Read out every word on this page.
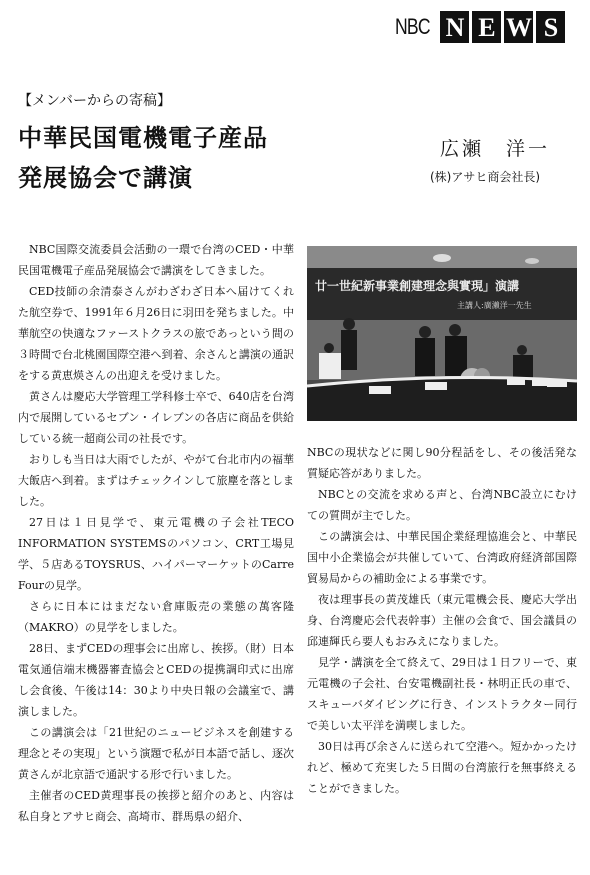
NBC N E W S
【メンバーからの寄稿】
中華民国電機電子産品
発展協会で講演
広瀬　洋一
(株)アサヒ商会社長)

NBC国際交流委員会活動の一環で台湾のCED・中華民国電機電子産品発展協会で講演をしてきました。

CED技師の余清泰さんがわざわざ日本へ届けてくれた航空券で、1991年６月26日に羽田を発ちました。中華航空の快適なファーストクラスの旅であっという間の３時間で台北桃園国際空港へ到着、余さんと講演の通訳をする黄恵煐さんの出迎えを受けました。

黄さんは慶応大学管理工学科修士卒で、640店を台湾内で展開しているセブン・イレブンの各店に商品を供給している統一超商公司の社長です。

おりしも当日は大雨でしたが、やがて台北市内の福華大飯店へ到着。まずはチェックインして旅塵を落としました。

27日は１日見学で、東元電機の子会社TECO INFORMATION SYSTEMSのパソコン、CRT工場見学、５店あるTOYSRUS、ハイパーマーケットのCarre Fourの見学。

さらに日本にはまだない倉庫販売の業態の萬客隆（MAKRO）の見学をしました。

28日、まずCEDの理事会に出席し、挨拶。（財）日本電気通信端末機器審査協会とCEDの提携調印式に出席し会食後、午後は14：30より中央日報の会議室で、講演しました。

この講演会は「21世紀のニュービジネスを創建する理念とその実現」という演題で私が日本語で話し、逐次黄さんが北京語で通訳する形で行いました。

主催者のCED黄理事長の挨拶と紹介のあと、内容は私自身とアサヒ商会、高埼市、群馬県の紹介、

廿一世紀新事業創建理念與實現」演講
主講人:廣瀨洋一先生

NBCの現状などに関し90分程話をし、その後活発な質疑応答がありました。

NBCとの交流を求める声と、台湾NBC設立にむけての質問が主でした。

この講演会は、中華民国企業経理協進会と、中華民国中小企業協会が共催していて、台湾政府経済部国際貿易局からの補助金による事業です。

夜は理事長の黄茂雄氏（東元電機会長、慶応大学出身、台湾慶応会代表幹事）主催の会食で、国会議員の邱連輝氏ら要人もおみえになりました。

見学・講演を全て終えて、29日は１日フリーで、東元電機の子会社、台安電機副社長・林明正氏の車で、スキューバダイビングに行き、インストラクター同行で美しい太平洋を満喫しました。

30日は再び余さんに送られて空港へ。短かかったけれど、極めて充実した５日間の台湾旅行を無事終えることができました。
